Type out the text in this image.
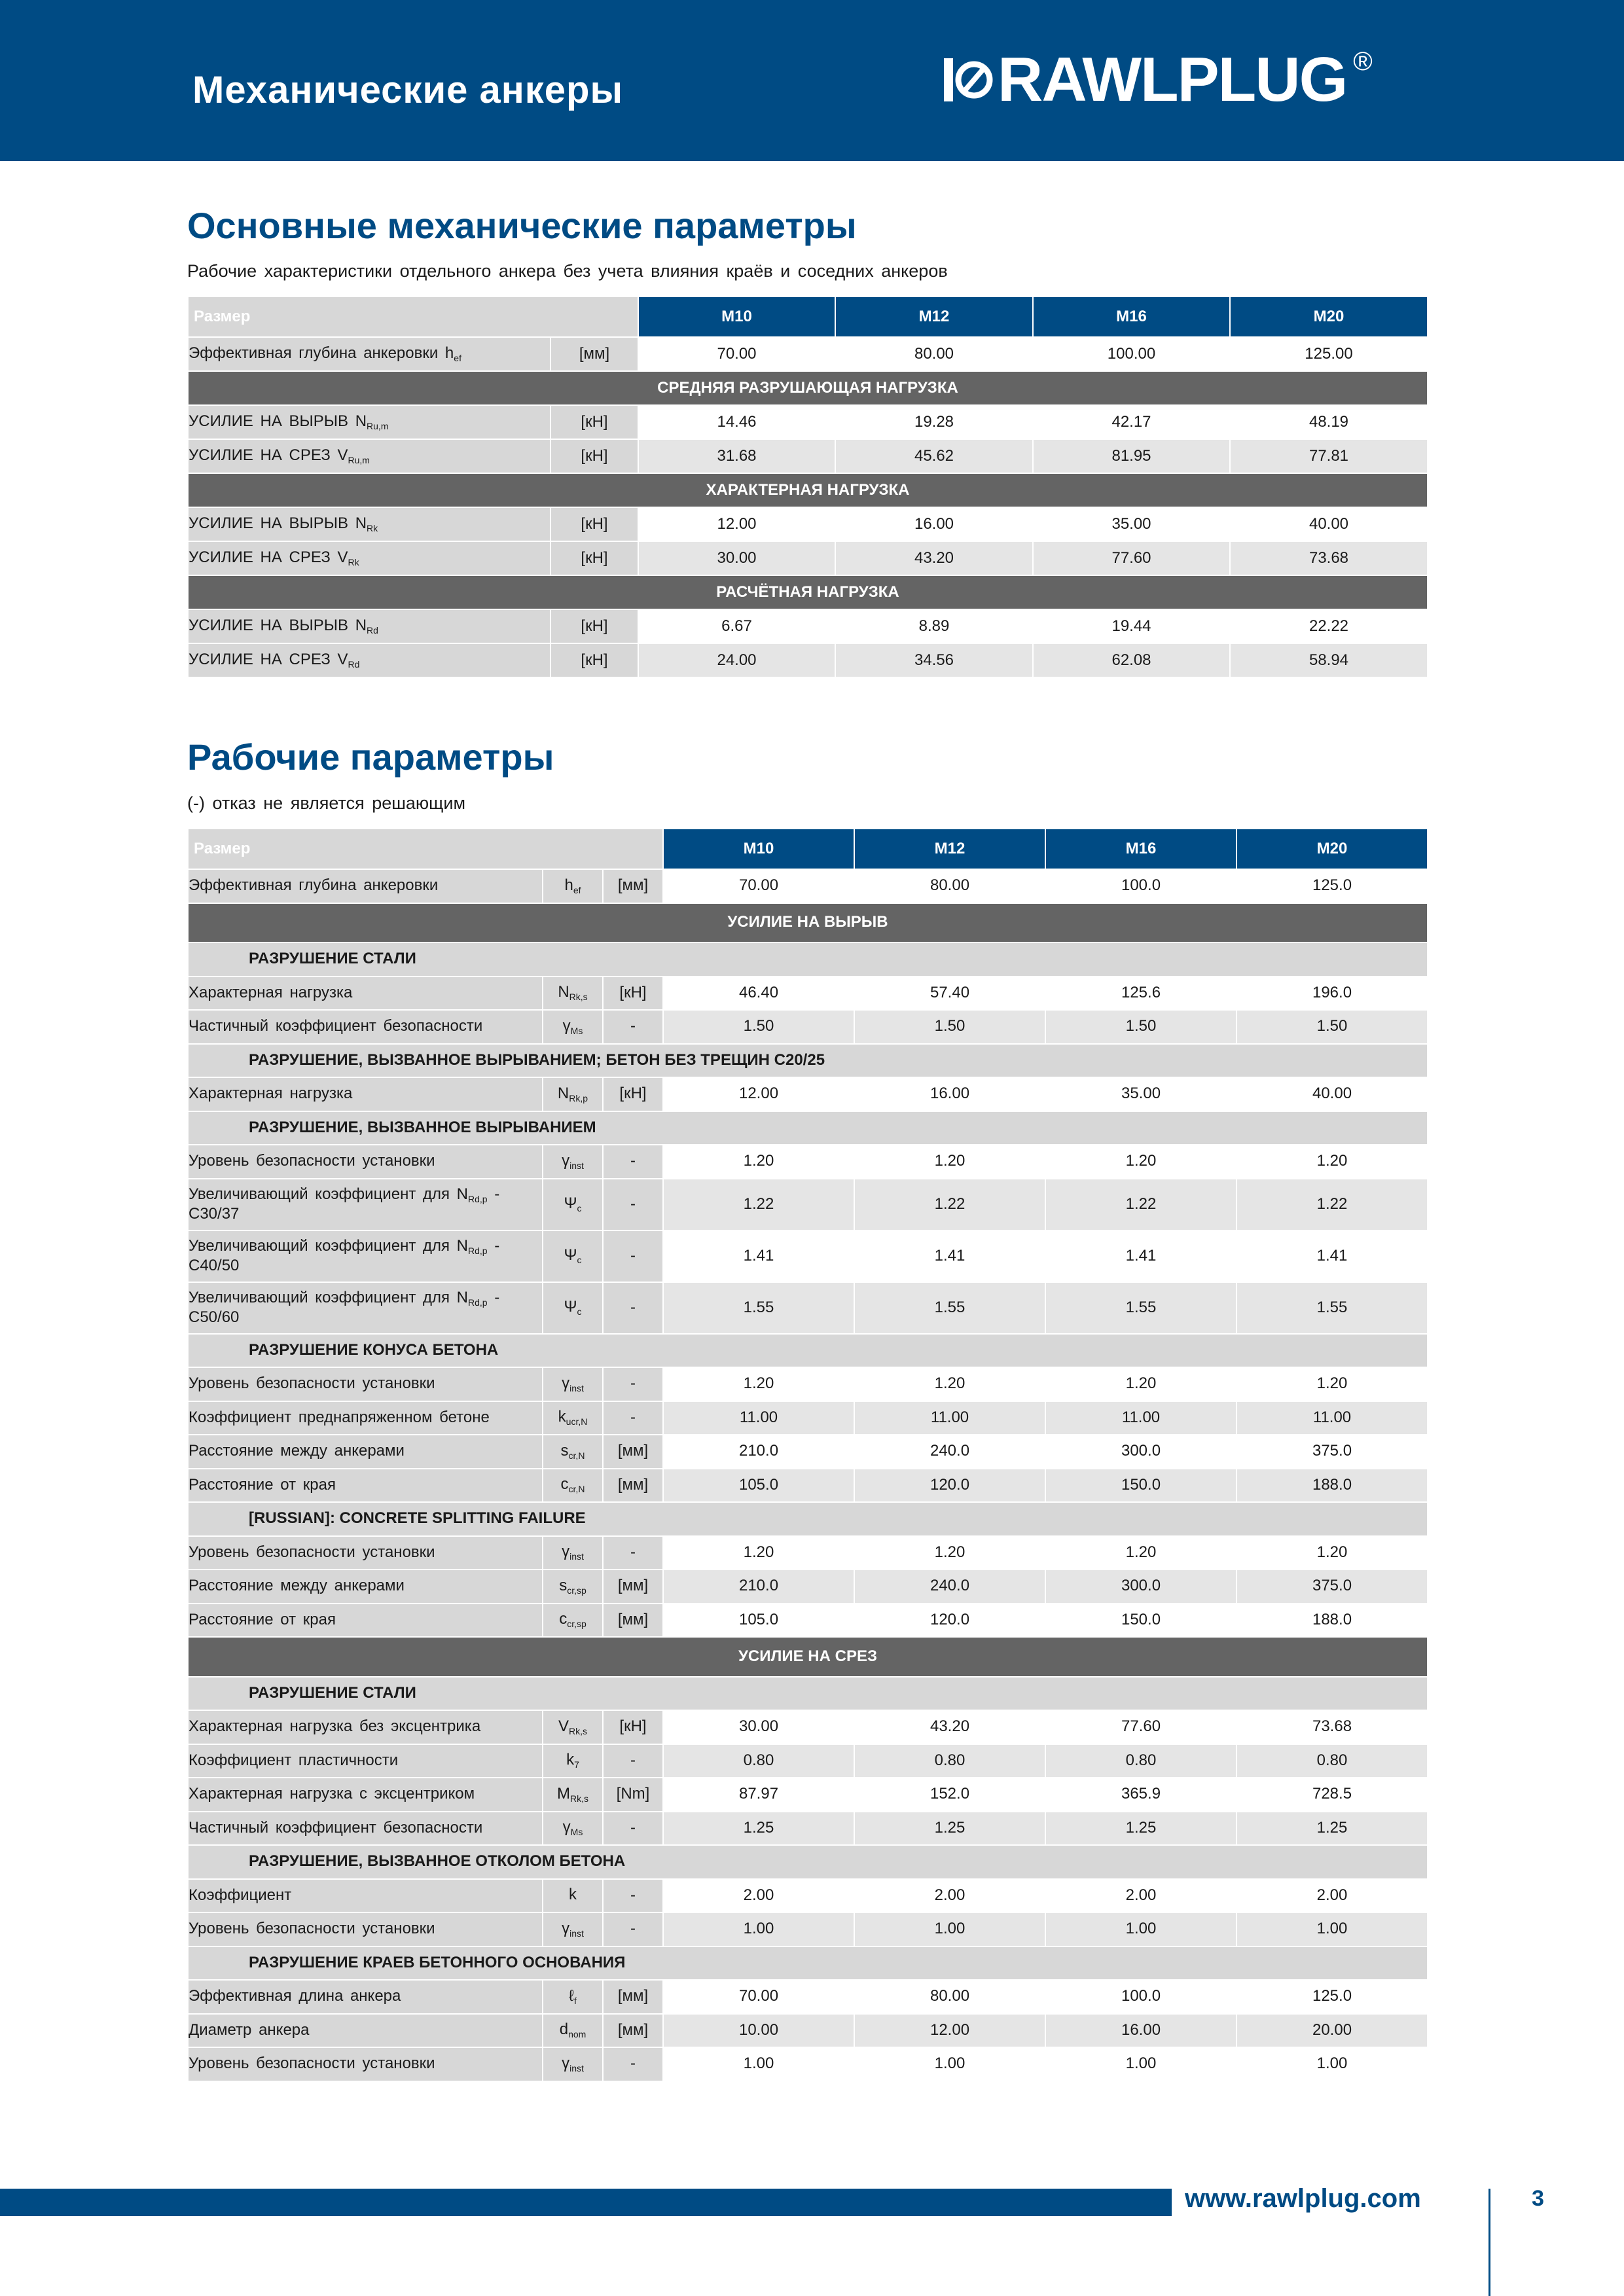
Механические анкеры	RAWLPLUG ®
Основные механические параметры
Рабочие характеристики отдельного анкера без учета влияния краёв и соседних анкеров
Размер		M10	M12	M16	M20
Эффективная глубина анкеровки $h_{ef}$	[мм]	70.00	80.00	100.00	125.00
СРЕДНЯЯ РАЗРУШАЮЩАЯ НАГРУЗКА					
УСИЛИЕ НА ВЫРЫВ $N_{Ru,m}$	[кН]	14.46	19.28	42.17	48.19
УСИЛИЕ НА СРЕЗ $V_{Ru,m}$	[кН]	31.68	45.62	81.95	77.81
ХАРАКТЕРНАЯ НАГРУЗКА					
УСИЛИЕ НА ВЫРЫВ $N_{Rk}$	[кН]	12.00	16.00	35.00	40.00
УСИЛИЕ НА СРЕЗ $V_{Rk}$	[кН]	30.00	43.20	77.60	73.68
РАСЧЁТНАЯ НАГРУЗКА					
УСИЛИЕ НА ВЫРЫВ $N_{Rd}$	[кН]	6.67	8.89	19.44	22.22
УСИЛИЕ НА СРЕЗ $V_{Rd}$	[кН]	24.00	34.56	62.08	58.94
Рабочие параметры
(-) отказ не является решающим
Размер			M10	M12	M16	M20
Эффективная глубина анкеровки	$h_{ef}$	[мм]	70.00	80.00	100.0	125.0
УСИЛИЕ НА ВЫРЫВ						
РАЗРУШЕНИЕ СТАЛИ						
Характерная нагрузка	$N_{Rk,s}$	[кН]	46.40	57.40	125.6	196.0
Частичный коэффициент безопасности	$\gamma_{Ms}$	-	1.50	1.50	1.50	1.50
РАЗРУШЕНИЕ, ВЫЗВАННОЕ ВЫРЫВАНИЕМ; БЕТОН БЕЗ ТРЕЩИН С20/25						
Характерная нагрузка	$N_{Rk,p}$	[кН]	12.00	16.00	35.00	40.00
РАЗРУШЕНИЕ, ВЫЗВАННОЕ ВЫРЫВАНИЕМ						
Уровень безопасности установки	$\gamma_{inst}$	-	1.20	1.20	1.20	1.20
Увеличивающий коэффициент для $N_{Rd,p} - C30/37$	$\Psi_c$	-	1.22	1.22	1.22	1.22
Увеличивающий коэффициент для $N_{Rd,p} - C40/50$	$\Psi_c$	-	1.41	1.41	1.41	1.41
Увеличивающий коэффициент для $N_{Rd,p} - C50/60$	$\Psi_c$	-	1.55	1.55	1.55	1.55
РАЗРУШЕНИЕ КОНУСА БЕТОНА						
Уровень безопасности установки	$\gamma_{inst}$	-	1.20	1.20	1.20	1.20
Коэффициент преднапряженном бетоне	$k_{ucr,N}$	-	11.00	11.00	11.00	11.00
Расстояние между анкерами	$s_{cr,N}$	[мм]	210.0	240.0	300.0	375.0
Расстояние от края	$c_{cr,N}$	[мм]	105.0	120.0	150.0	188.0
[RUSSIAN]: CONCRETE SPLITTING FAILURE						
Уровень безопасности установки	$\gamma_{inst}$	-	1.20	1.20	1.20	1.20
Расстояние между анкерами	$s_{cr,sp}$	[мм]	210.0	240.0	300.0	375.0
Расстояние от края	$c_{cr,sp}$	[мм]	105.0	120.0	150.0	188.0
УСИЛИЕ НА СРЕЗ						
РАЗРУШЕНИЕ СТАЛИ						
Характерная нагрузка без эксцентрика	$V_{Rk,s}$	[кН]	30.00	43.20	77.60	73.68
Коэффициент пластичности	$k_7$	-	0.80	0.80	0.80	0.80
Характерная нагрузка с эксцентриком	$M_{Rk,s}$	[Nm]	87.97	152.0	365.9	728.5
Частичный коэффициент безопасности	$\gamma_{Ms}$	-	1.25	1.25	1.25	1.25
РАЗРУШЕНИЕ, ВЫЗВАННОЕ ОТКОЛОМ БЕТОНА						
Коэффициент	k	-	2.00	2.00	2.00	2.00
Уровень безопасности установки	$\gamma_{inst}$	-	1.00	1.00	1.00	1.00
РАЗРУШЕНИЕ КРАЕВ БЕТОННОГО ОСНОВАНИЯ						
Эффективная длина анкера	ℓ$_f$	[мм]	70.00	80.00	100.0	125.0
Диаметр анкера	$d_{nom}$	[мм]	10.00	12.00	16.00	20.00
Уровень безопасности установки	$\gamma_{inst}$	-	1.00	1.00	1.00	1.00
www.rawlplug.com	3
